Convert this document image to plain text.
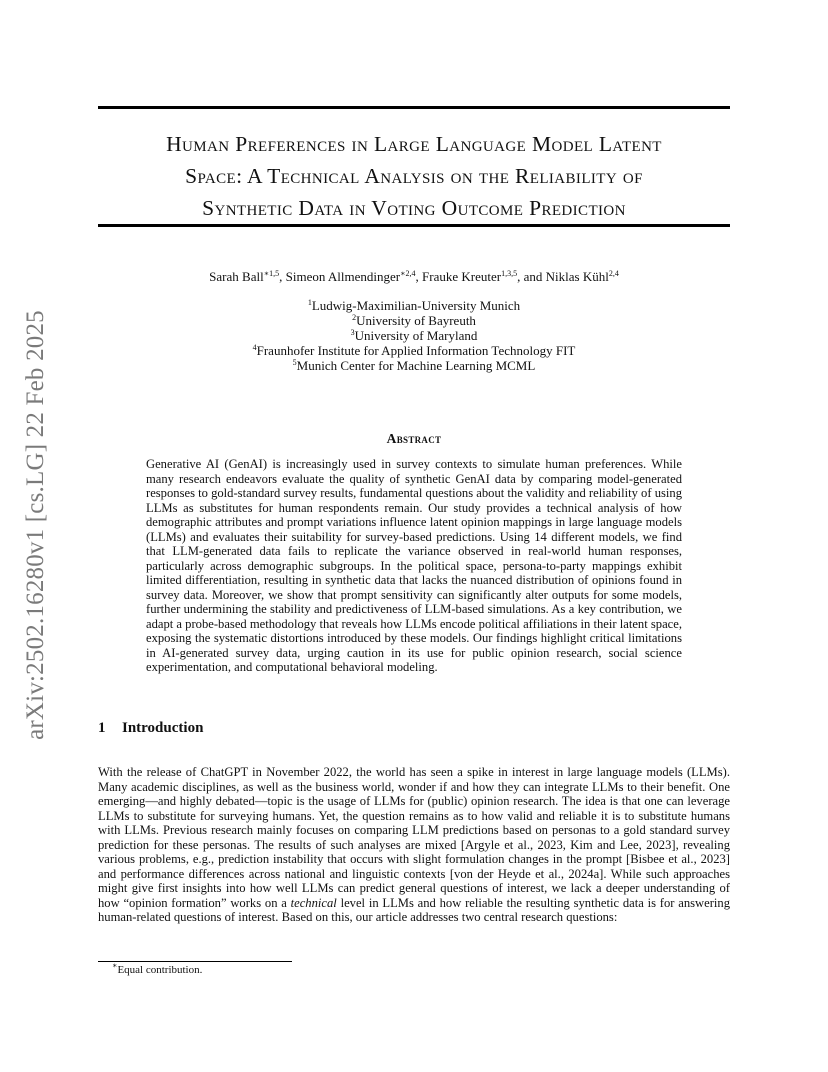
arXiv:2502.16280v1 [cs.LG] 22 Feb 2025
Human Preferences in Large Language Model Latent
Space: A Technical Analysis on the Reliability of
Synthetic Data in Voting Outcome Prediction
Sarah Ball$^{∗1,5}$, Simeon Allmendinger$^{∗2,4}$, Frauke Kreuter$^{1,3,5}$, and Niklas Kühl$^{2,4}$
$^1$Ludwig-Maximilian-University Munich
$^2$University of Bayreuth
$^3$University of Maryland
$^4$Fraunhofer Institute for Applied Information Technology FIT
$^5$Munich Center for Machine Learning MCML
Abstract

Generative AI (GenAI) is increasingly used in survey contexts to simulate human preferences. While many research endeavors evaluate the quality of synthetic GenAI data by comparing model-generated responses to gold-standard survey results, fundamental questions about the validity and reliability of using LLMs as substitutes for human respondents remain. Our study provides a technical analysis of how demographic attributes and prompt variations influence latent opinion mappings in large language models (LLMs) and evaluates their suitability for survey-based predictions. Using 14 different models, we find that LLM-generated data fails to replicate the variance observed in real-world human responses, particularly across demographic subgroups. In the political space, persona-to-party mappings exhibit limited differentiation, resulting in synthetic data that lacks the nuanced distribution of opinions found in survey data. Moreover, we show that prompt sensitivity can significantly alter outputs for some models, further undermining the stability and predictiveness of LLM-based simulations. As a key contribution, we adapt a probe-based methodology that reveals how LLMs encode political affiliations in their latent space, exposing the systematic distortions introduced by these models. Our findings highlight critical limitations in AI-generated survey data, urging caution in its use for public opinion research, social science experimentation, and computational behavioral modeling.

1 Introduction

With the release of ChatGPT in November 2022, the world has seen a spike in interest in large language models (LLMs). Many academic disciplines, as well as the business world, wonder if and how they can integrate LLMs to their benefit. One emerging—and highly debated—topic is the usage of LLMs for (public) opinion research. The idea is that one can leverage LLMs to substitute for surveying humans. Yet, the question remains as to how valid and reliable it is to substitute humans with LLMs. Previous research mainly focuses on comparing LLM predictions based on personas to a gold standard survey prediction for these personas. The results of such analyses are mixed [Argyle et al., 2023, Kim and Lee, 2023], revealing various problems, e.g., prediction instability that occurs with slight formulation changes in the prompt [Bisbee et al., 2023] and performance differences across national and linguistic contexts [von der Heyde et al., 2024a]. While such approaches might give first insights into how well LLMs can predict general questions of interest, we lack a deeper understanding of how “opinion formation” works on a technical level in LLMs and how reliable the resulting synthetic data is for answering human-related questions of interest. Based on this, our article addresses two central research questions:

∗Equal contribution.
